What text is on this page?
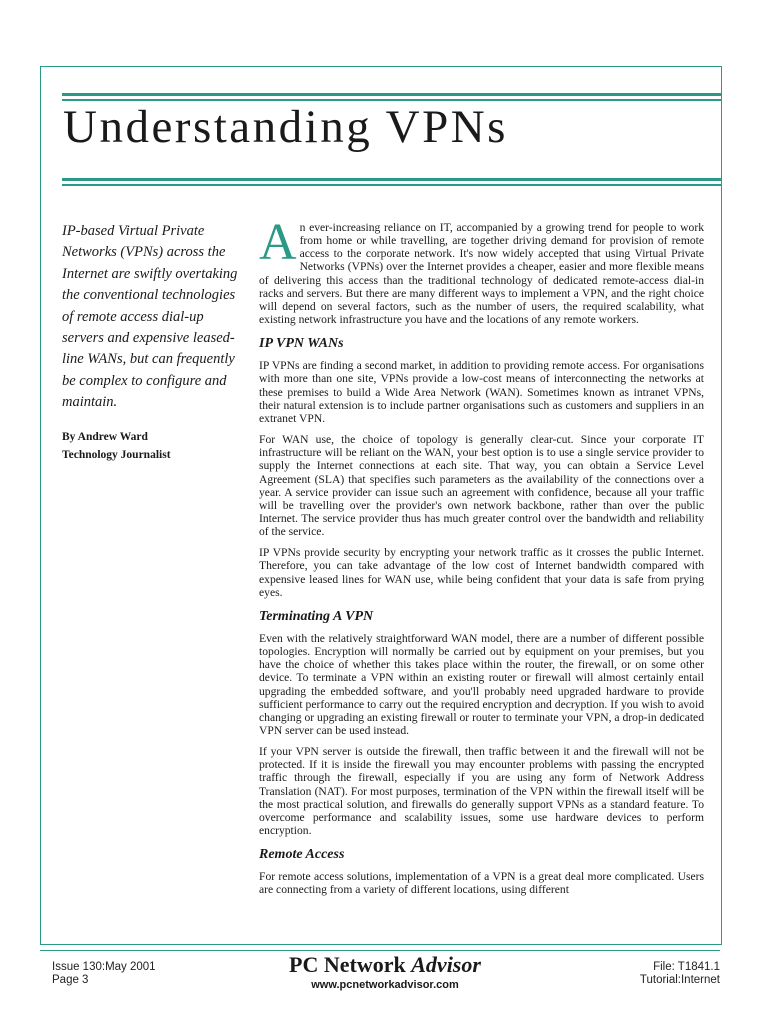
Understanding VPNs

IP-based Virtual Private Networks (VPNs) across the Internet are swiftly overtaking the conventional technologies of remote access dial-up servers and expensive leased-line WANs, but can frequently be complex to configure and maintain.

By Andrew Ward
Technology Journalist

An ever-increasing reliance on IT, accompanied by a growing trend for people to work from home or while travelling, are together driving demand for provision of remote access to the corporate network. It's now widely accepted that using Virtual Private Networks (VPNs) over the Internet provides a cheaper, easier and more flexible means of delivering this access than the traditional technology of dedicated remote-access dial-in racks and servers. But there are many different ways to implement a VPN, and the right choice will depend on several factors, such as the number of users, the required scalability, what existing network infrastructure you have and the locations of any remote workers.

IP VPN WANs

IP VPNs are finding a second market, in addition to providing remote access. For organisations with more than one site, VPNs provide a low-cost means of interconnecting the networks at these premises to build a Wide Area Network (WAN). Sometimes known as intranet VPNs, their natural extension is to include partner organisations such as customers and suppliers in an extranet VPN.

For WAN use, the choice of topology is generally clear-cut. Since your corporate IT infrastructure will be reliant on the WAN, your best option is to use a single service provider to supply the Internet connections at each site. That way, you can obtain a Service Level Agreement (SLA) that specifies such parameters as the availability of the connections over a year. A service provider can issue such an agreement with confidence, because all your traffic will be travelling over the provider's own network backbone, rather than over the public Internet. The service provider thus has much greater control over the bandwidth and reliability of the service.

IP VPNs provide security by encrypting your network traffic as it crosses the public Internet. Therefore, you can take advantage of the low cost of Internet bandwidth compared with expensive leased lines for WAN use, while being confident that your data is safe from prying eyes.

Terminating A VPN

Even with the relatively straightforward WAN model, there are a number of different possible topologies. Encryption will normally be carried out by equipment on your premises, but you have the choice of whether this takes place within the router, the firewall, or on some other device. To terminate a VPN within an existing router or firewall will almost certainly entail upgrading the embedded software, and you'll probably need upgraded hardware to provide sufficient performance to carry out the required encryption and decryption. If you wish to avoid changing or upgrading an existing firewall or router to terminate your VPN, a drop-in dedicated VPN server can be used instead.

If your VPN server is outside the firewall, then traffic between it and the firewall will not be protected. If it is inside the firewall you may encounter problems with passing the encrypted traffic through the firewall, especially if you are using any form of Network Address Translation (NAT). For most purposes, termination of the VPN within the firewall itself will be the most practical solution, and firewalls do generally support VPNs as a standard feature. To overcome performance and scalability issues, some use hardware devices to perform encryption.

Remote Access

For remote access solutions, implementation of a VPN is a great deal more complicated. Users are connecting from a variety of different locations, using different

Issue 130:May 2001
Page 3
PC Network Advisor
www.pcnetworkadvisor.com
File: T1841.1
Tutorial:Internet
